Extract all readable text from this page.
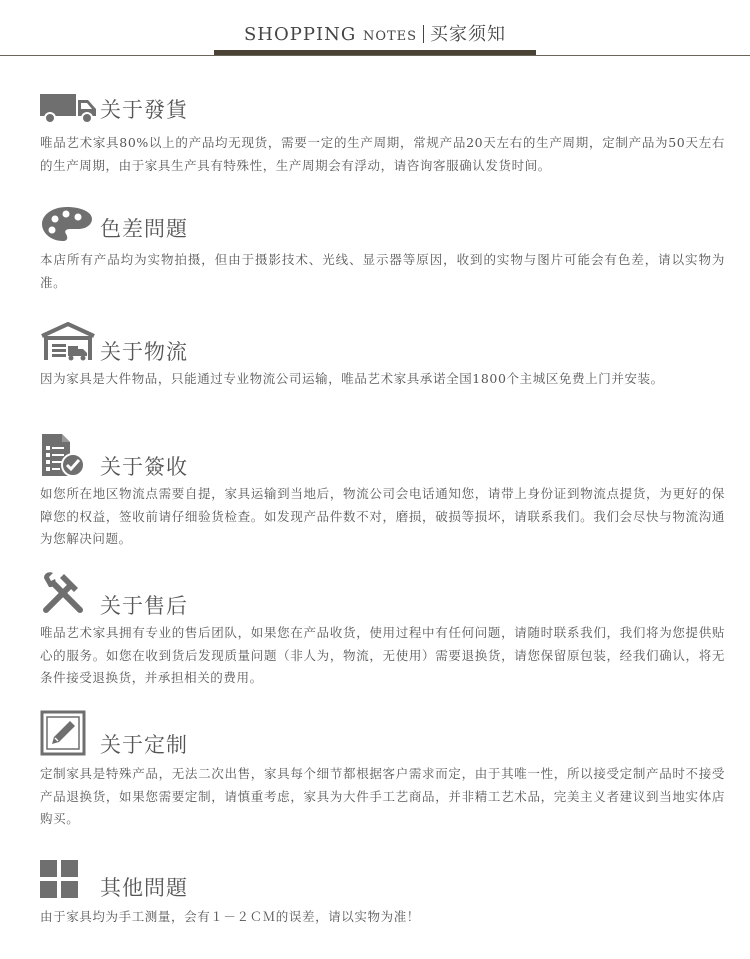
SHOPPING NOTES 买家须知
关于發貨
唯品艺术家具80%以上的产品均无现货，需要一定的生产周期，常规产品20天左右的生产周期，定制产品为50天左右的生产周期，由于家具生产具有特殊性，生产周期会有浮动，请咨询客服确认发货时间。
色差問題
本店所有产品均为实物拍摄，但由于摄影技术、光线、显示器等原因，收到的实物与图片可能会有色差，请以实物为准。
关于物流
因为家具是大件物品，只能通过专业物流公司运输，唯品艺术家具承诺全国1800个主城区免费上门并安装。
关于簽收
如您所在地区物流点需要自提，家具运输到当地后，物流公司会电话通知您，请带上身份证到物流点提货，为更好的保障您的权益，签收前请仔细验货检查。如发现产品件数不对，磨损，破损等损坏，请联系我们。我们会尽快与物流沟通为您解决问题。
关于售后
唯品艺术家具拥有专业的售后团队，如果您在产品收货，使用过程中有任何问题，请随时联系我们，我们将为您提供贴心的服务。如您在收到货后发现质量问题（非人为，物流，无使用）需要退换货，请您保留原包装，经我们确认，将无条件接受退换货，并承担相关的费用。
关于定制
定制家具是特殊产品，无法二次出售，家具每个细节都根据客户需求而定，由于其唯一性，所以接受定制产品时不接受产品退换货，如果您需要定制，请慎重考虑，家具为大件手工艺商品，并非精工艺术品，完美主义者建议到当地实体店购买。
其他問題
由于家具均为手工测量，会有１－２ＣＭ的误差，请以实物为准！
